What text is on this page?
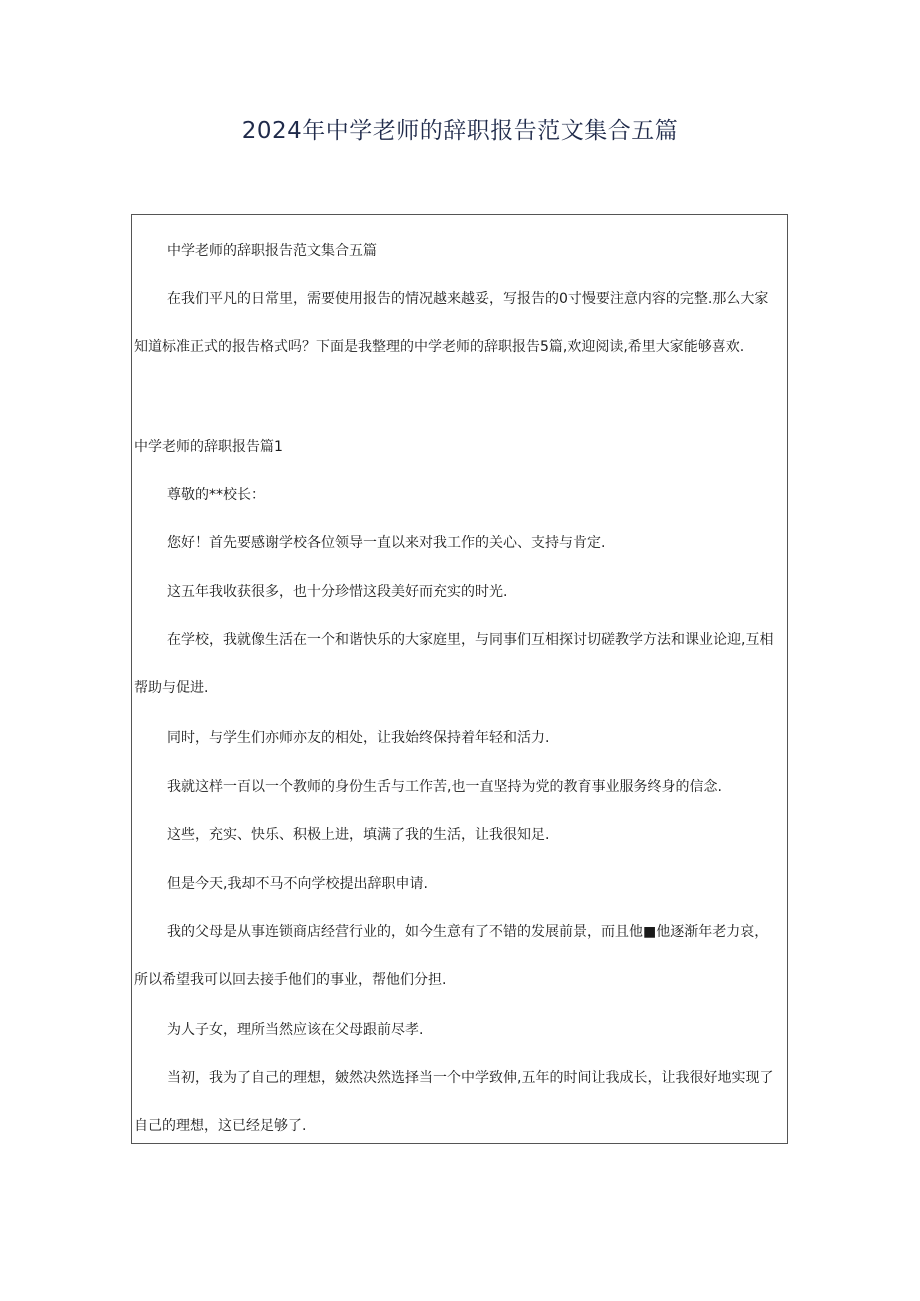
2024年中学老师的辞职报告范文集合五篇

中学老师的辞职报告范文集合五篇

在我们平凡的日常里，需要使用报告的情况越来越妥，写报告的0寸慢要注意内容的完整.那么大家知道标准正式的报告格式吗？下面是我整理的中学老师的辞职报告5篇,欢迎阅读,希里大家能够喜欢.

中学老师的辞职报告篇1

尊敬的**校长：

您好！首先要感谢学校各位领导一直以来对我工作的关心、支持与肯定.

这五年我收获很多，也十分珍惜这段美好而充实的时光.

在学校，我就像生活在一个和谐快乐的大家庭里，与同事们互相探讨切磋教学方法和课业论迎,互相帮助与促进.

同时，与学生们亦师亦友的相处，让我始终保持着年轻和活力.

我就这样一百以一个教师的身份生舌与工作苦,也一直坚持为党的教育事业服务终身的信念.

这些，充实、快乐、积极上进，填满了我的生活，让我很知足.

但是今天,我却不马不向学校提出辞职申请.

我的父母是从事连锁商店经营行业的，如今生意有了不错的发展前景，而且他■他逐渐年老力哀，所以希望我可以回去接手他们的事业，帮他们分担.

为人子女，理所当然应该在父母跟前尽孝.

当初，我为了自己的理想，皴然决然选择当一个中学致伸,五年的时间让我成长，让我很好地实现了自己的理想，这已经足够了.
